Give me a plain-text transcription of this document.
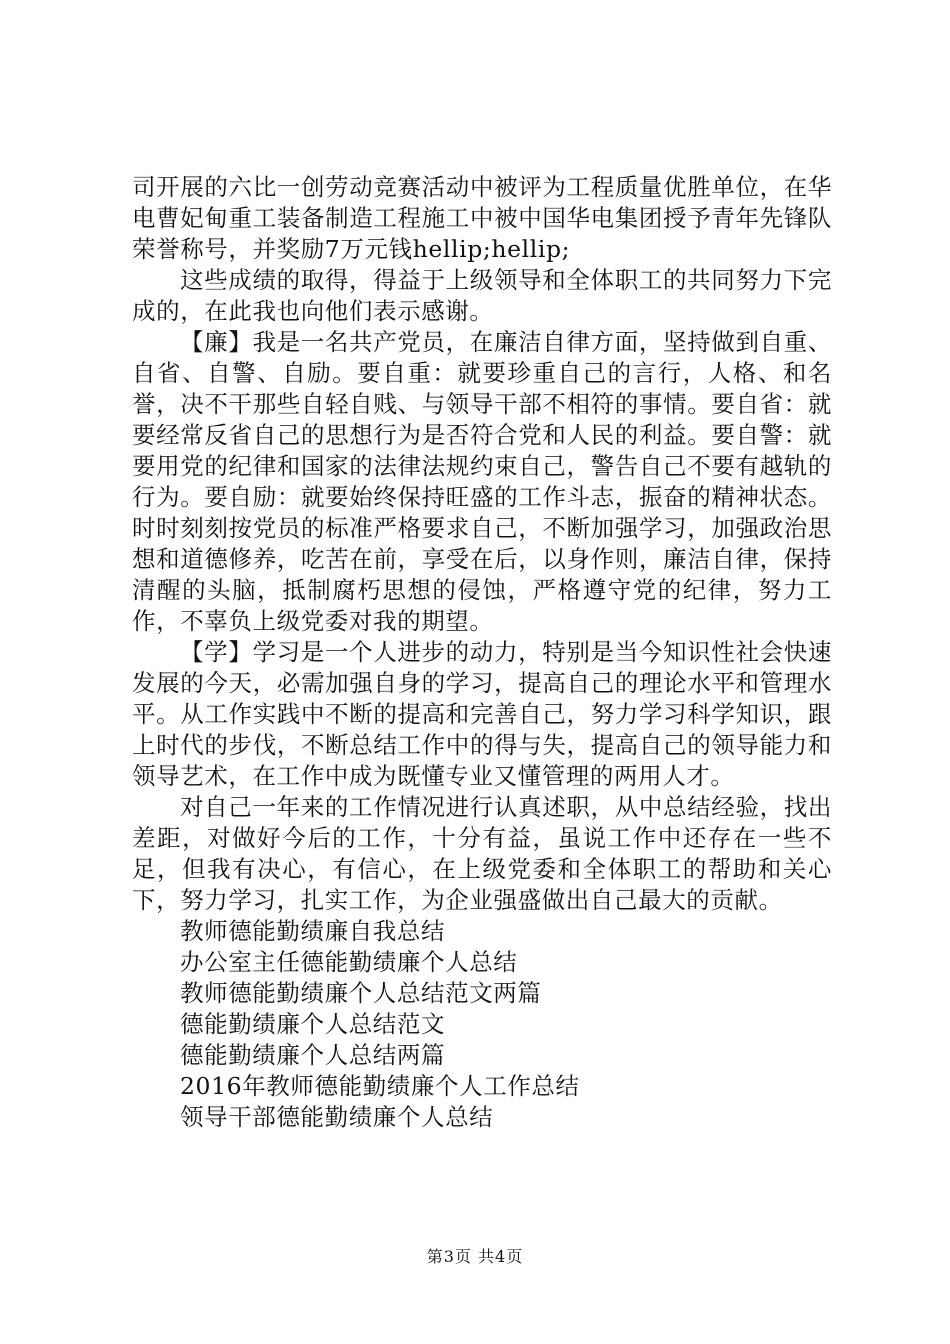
司开展的六比一创劳动竞赛活动中被评为工程质量优胜单位，在华电曹妃甸重工装备制造工程施工中被中国华电集团授予青年先锋队荣誉称号，并奖励7万元钱hellip;hellip;

这些成绩的取得，得益于上级领导和全体职工的共同努力下完成的，在此我也向他们表示感谢。

【廉】我是一名共产党员，在廉洁自律方面，坚持做到自重、自省、自警、自励。要自重：就要珍重自己的言行，人格、和名誉，决不干那些自轻自贱、与领导干部不相符的事情。要自省：就要经常反省自己的思想行为是否符合党和人民的利益。要自警：就要用党的纪律和国家的法律法规约束自己，警告自己不要有越轨的行为。要自励：就要始终保持旺盛的工作斗志，振奋的精神状态。时时刻刻按党员的标准严格要求自己，不断加强学习，加强政治思想和道德修养，吃苦在前，享受在后，以身作则，廉洁自律，保持清醒的头脑，抵制腐朽思想的侵蚀，严格遵守党的纪律，努力工作，不辜负上级党委对我的期望。

【学】学习是一个人进步的动力，特别是当今知识性社会快速发展的今天，必需加强自身的学习，提高自己的理论水平和管理水平。从工作实践中不断的提高和完善自己，努力学习科学知识，跟上时代的步伐，不断总结工作中的得与失，提高自己的领导能力和领导艺术，在工作中成为既懂专业又懂管理的两用人才。

对自己一年来的工作情况进行认真述职，从中总结经验，找出差距，对做好今后的工作，十分有益，虽说工作中还存在一些不足，但我有决心，有信心，在上级党委和全体职工的帮助和关心下，努力学习，扎实工作，为企业强盛做出自己最大的贡献。

教师德能勤绩廉自我总结
办公室主任德能勤绩廉个人总结
教师德能勤绩廉个人总结范文两篇
德能勤绩廉个人总结范文
德能勤绩廉个人总结两篇
2016年教师德能勤绩廉个人工作总结
领导干部德能勤绩廉个人总结
第3页 共4页
